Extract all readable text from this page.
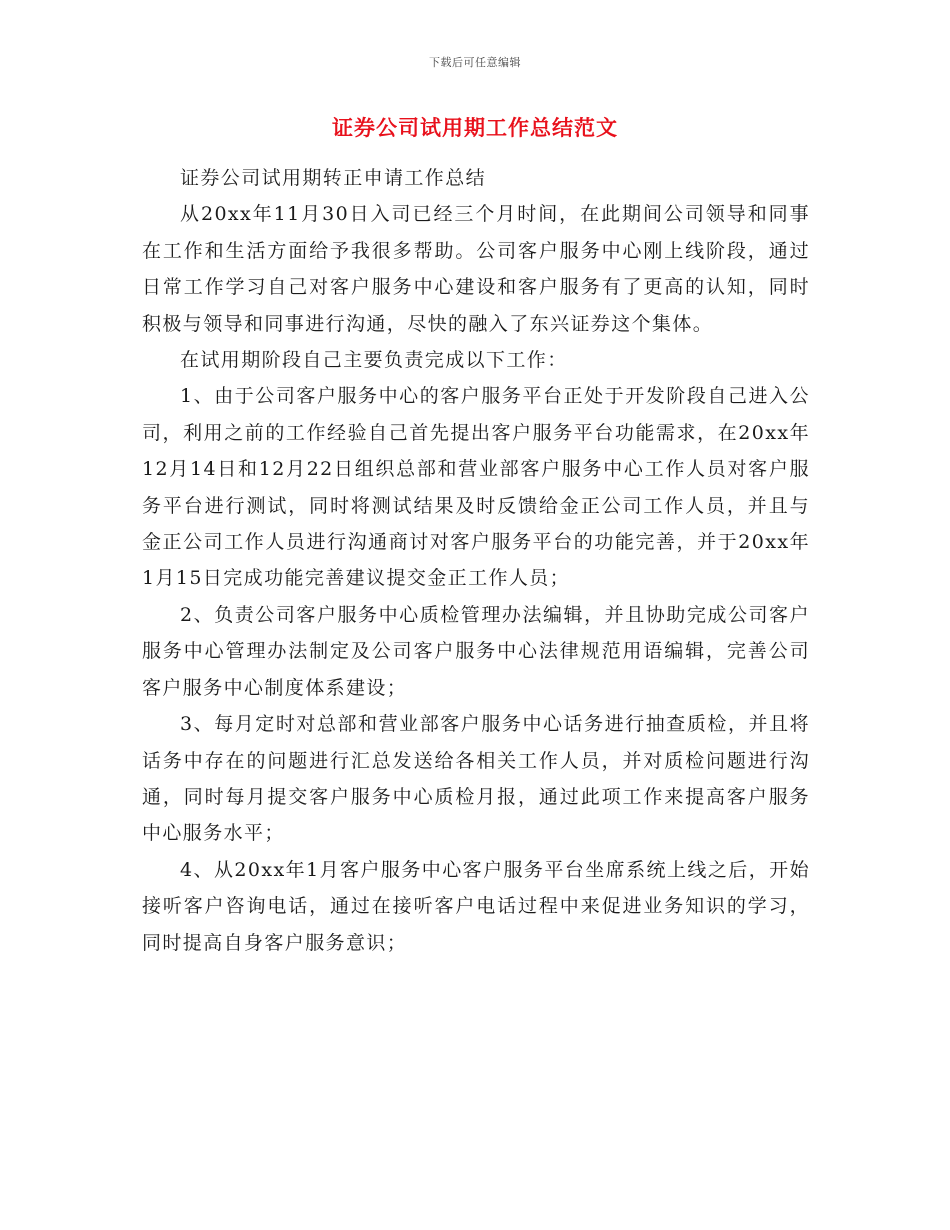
下载后可任意编辑
证券公司试用期工作总结范文

证券公司试用期转正申请工作总结

从20xx年11月30日入司已经三个月时间，在此期间公司领导和同事在工作和生活方面给予我很多帮助。公司客户服务中心刚上线阶段，通过日常工作学习自己对客户服务中心建设和客户服务有了更高的认知，同时积极与领导和同事进行沟通，尽快的融入了东兴证券这个集体。

在试用期阶段自己主要负责完成以下工作：

1、由于公司客户服务中心的客户服务平台正处于开发阶段自己进入公司，利用之前的工作经验自己首先提出客户服务平台功能需求，在20xx年12月14日和12月22日组织总部和营业部客户服务中心工作人员对客户服务平台进行测试，同时将测试结果及时反馈给金正公司工作人员，并且与金正公司工作人员进行沟通商讨对客户服务平台的功能完善，并于20xx年1月15日完成功能完善建议提交金正工作人员；

2、负责公司客户服务中心质检管理办法编辑，并且协助完成公司客户服务中心管理办法制定及公司客户服务中心法律规范用语编辑，完善公司客户服务中心制度体系建设；

3、每月定时对总部和营业部客户服务中心话务进行抽查质检，并且将话务中存在的问题进行汇总发送给各相关工作人员，并对质检问题进行沟通，同时每月提交客户服务中心质检月报，通过此项工作来提高客户服务中心服务水平；

4、从20xx年1月客户服务中心客户服务平台坐席系统上线之后，开始接听客户咨询电话，通过在接听客户电话过程中来促进业务知识的学习，同时提高自身客户服务意识；
